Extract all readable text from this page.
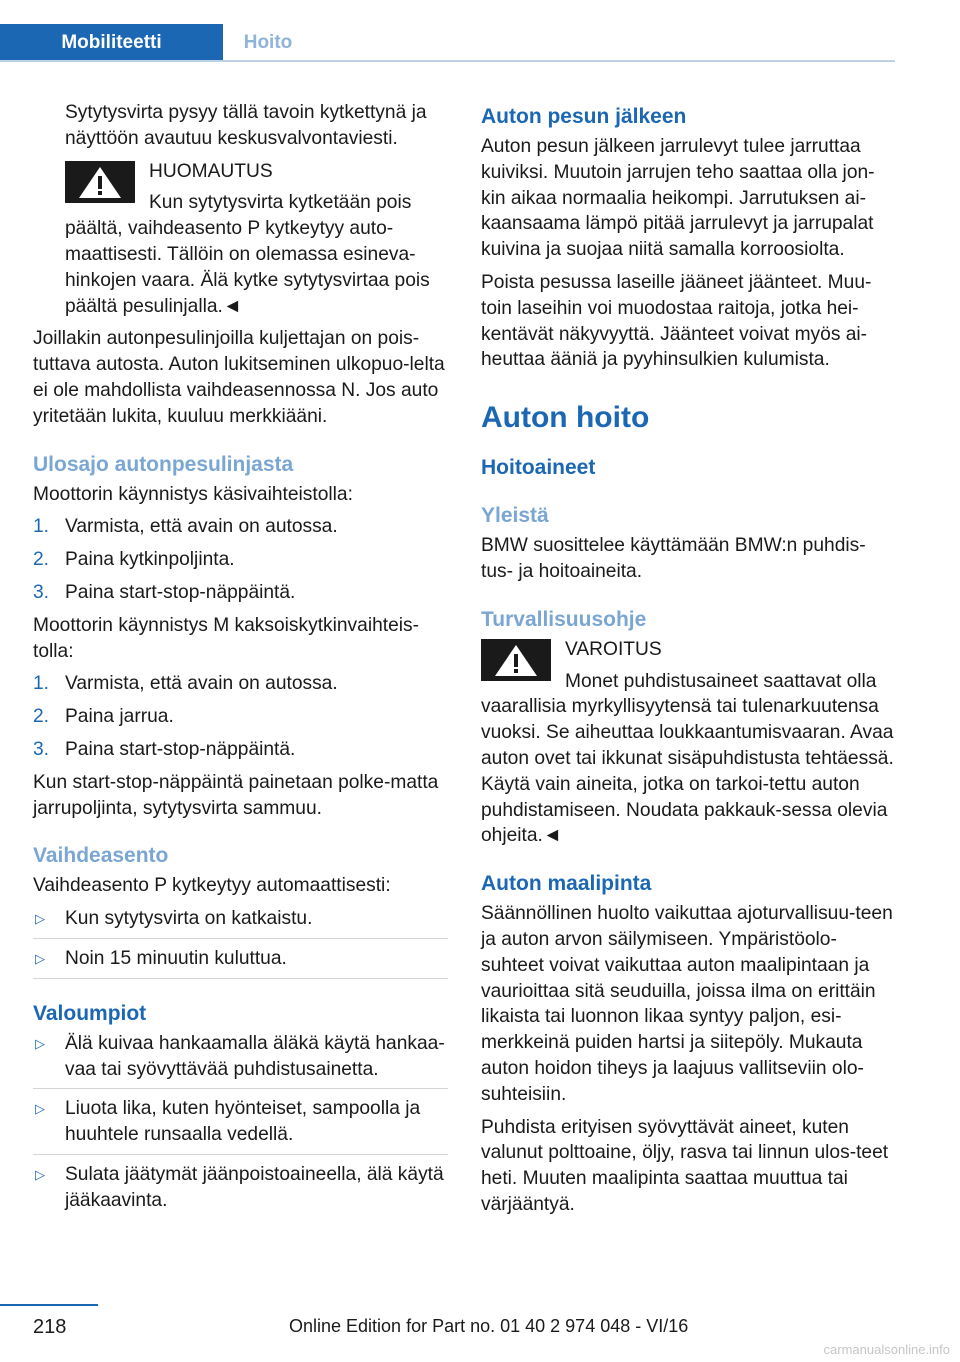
Mobiliteetti	Hoito

Sytytysvirta pysyy tällä tavoin kytkettynä ja näyttöön avautuu keskusvalvontaviesti.

HUOMAUTUS

Kun sytytysvirta kytketään pois

päältä, vaihdeasento P kytkeytyy auto-maattisesti. Tällöin on olemassa esineva-hinkojen vaara. Älä kytke sytytysvirtaa pois päältä pesulinjalla.◄

Joillakin autonpesulinjoilla kuljettajan on pois-tuttava autosta. Auton lukitseminen ulkopuo-lelta ei ole mahdollista vaihdeasennossa N. Jos auto yritetään lukita, kuuluu merkkiääni.

Ulosajo autonpesulinjasta

Moottorin käynnistys käsivaihteistolla:

1. Varmista, että avain on autossa.
2. Paina kytkinpoljinta.
3. Paina start-stop-näppäintä.

Moottorin käynnistys M kaksoiskytkinvaihteis-tolla:

1. Varmista, että avain on autossa.
2. Paina jarrua.
3. Paina start-stop-näppäintä.

Kun start-stop-näppäintä painetaan polke-matta jarrupoljinta, sytytysvirta sammuu.

Vaihdeasento

Vaihdeasento P kytkeytyy automaattisesti:

▷ Kun sytytysvirta on katkaistu.
▷ Noin 15 minuutin kuluttua.
Valoumpiot
▷ Älä kuivaa hankaamalla äläkä käytä hankaa-vaa tai syövyttävää puhdistusainetta.
▷ Liuota lika, kuten hyönteiset, sampoolla ja huuhtele runsaalla vedellä.
▷ Sulata jäätymät jäänpoistoaineella, älä käytä jääkaavinta.
Auton pesun jälkeen

Auton pesun jälkeen jarrulevyt tulee jarruttaa kuiviksi. Muutoin jarrujen teho saattaa olla jon-kin aikaa normaalia heikompi. Jarrutuksen ai-kaansaama lämpö pitää jarrulevyt ja jarrupalat kuivina ja suojaa niitä samalla korroosiolta.

Poista pesussa laseille jääneet jäänteet. Muu-toin laseihin voi muodostaa raitoja, jotka hei-kentävät näkyvyyttä. Jäänteet voivat myös ai-heuttaa ääniä ja pyyhinsulkien kulumista.

Auton hoito
Hoitoaineet
Yleistä

BMW suosittelee käyttämään BMW:n puhdis-tus- ja hoitoaineita.

Turvallisuusohje

VAROITUS

Monet puhdistusaineet saattavat olla

vaarallisia myrkyllisyytensä tai tulenarkuutensa vuoksi. Se aiheuttaa loukkaantumisvaaran. Avaa auton ovet tai ikkunat sisäpuhdistusta tehtäessä. Käytä vain aineita, jotka on tarkoi-tettu auton puhdistamiseen. Noudata pakkauk-sessa olevia ohjeita.◄

Auton maalipinta

Säännöllinen huolto vaikuttaa ajoturvallisuu-teen ja auton arvon säilymiseen. Ympäristöolo-suhteet voivat vaikuttaa auton maalipintaan ja vaurioittaa sitä seuduilla, joissa ilma on erittäin likaista tai luonnon likaa syntyy paljon, esi-merkkeinä puiden hartsi ja siitepöly. Mukauta auton hoidon tiheys ja laajuus vallitseviin olo-suhteisiin.

Puhdista erityisen syövyttävät aineet, kuten valunut polttoaine, öljy, rasva tai linnun ulos-teet heti. Muuten maalipinta saattaa muuttua tai värjääntyä.

218	Online Edition for Part no. 01 40 2 974 048 - VI/16
carmanualsonline.info
